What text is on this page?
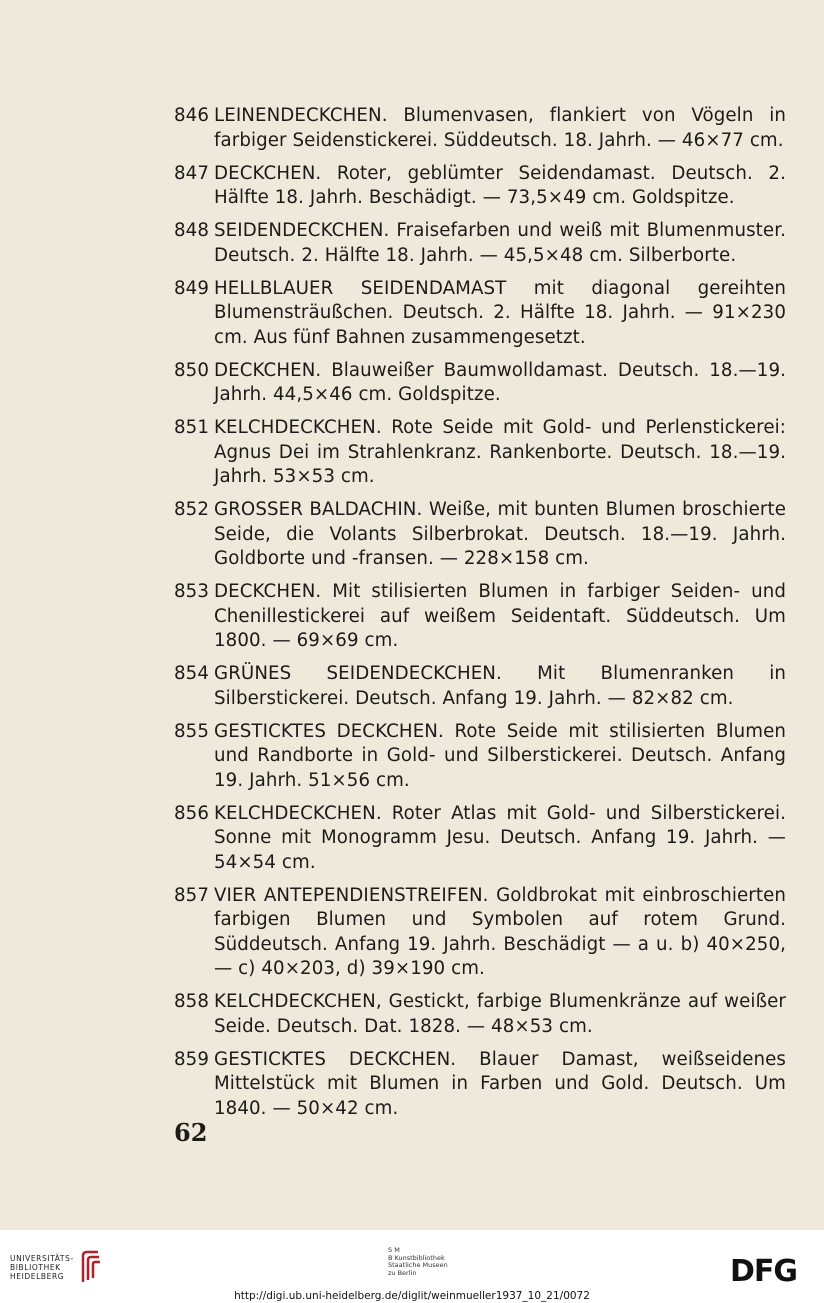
846 LEINENDECKCHEN. Blumenvasen, flankiert von Vögeln in farbiger Seidenstickerei. Süddeutsch. 18. Jahrh. — 46×77 cm.
847 DECKCHEN. Roter, geblümter Seidendamast. Deutsch. 2. Hälfte 18. Jahrh. Beschädigt. — 73,5×49 cm. Goldspitze.
848 SEIDENDECKCHEN. Fraisefarben und weiß mit Blumenmuster. Deutsch. 2. Hälfte 18. Jahrh. — 45,5×48 cm. Silberborte.
849 HELLBLAUER SEIDENDAMAST mit diagonal gereihten Blumensträußchen. Deutsch. 2. Hälfte 18. Jahrh. — 91×230 cm. Aus fünf Bahnen zusammengesetzt.
850 DECKCHEN. Blauweißer Baumwolldamast. Deutsch. 18.—19. Jahrh. 44,5×46 cm. Goldspitze.
851 KELCHDECKCHEN. Rote Seide mit Gold- und Perlenstickerei: Agnus Dei im Strahlenkranz. Rankenborte. Deutsch. 18.—19. Jahrh. 53×53 cm.
852 GROSSER BALDACHIN. Weiße, mit bunten Blumen broschierte Seide, die Volants Silberbrokat. Deutsch. 18.—19. Jahrh. Goldborte und -fransen. — 228×158 cm.
853 DECKCHEN. Mit stilisierten Blumen in farbiger Seiden- und Chenillestickerei auf weißem Seidentaft. Süddeutsch. Um 1800. — 69×69 cm.
854 GRÜNES SEIDENDECKCHEN. Mit Blumenranken in Silberstickerei. Deutsch. Anfang 19. Jahrh. — 82×82 cm.
855 GESTICKTES DECKCHEN. Rote Seide mit stilisierten Blumen und Randborte in Gold- und Silberstickerei. Deutsch. Anfang 19. Jahrh. 51×56 cm.
856 KELCHDECKCHEN. Roter Atlas mit Gold- und Silberstickerei. Sonne mit Monogramm Jesu. Deutsch. Anfang 19. Jahrh. — 54×54 cm.
857 VIER ANTEPENDIENSTREIFEN. Goldbrokat mit einbroschierten farbigen Blumen und Symbolen auf rotem Grund. Süddeutsch. Anfang 19. Jahrh. Beschädigt — a u. b) 40×250, — c) 40×203, d) 39×190 cm.
858 KELCHDECKCHEN, Gestickt, farbige Blumenkränze auf weißer Seide. Deutsch. Dat. 1828. — 48×53 cm.
859 GESTICKTES DECKCHEN. Blauer Damast, weißseidenes Mittelstück mit Blumen in Farben und Gold. Deutsch. Um 1840. — 50×42 cm.
62
UNIVERSITÄTS-
BIBLIOTHEK
HEIDELBERG
S M
B Kunstbibliothek
Staatliche Museen
zu Berlin	DFG
http://digi.ub.uni-heidelberg.de/diglit/weinmueller1937_10_21/0072
